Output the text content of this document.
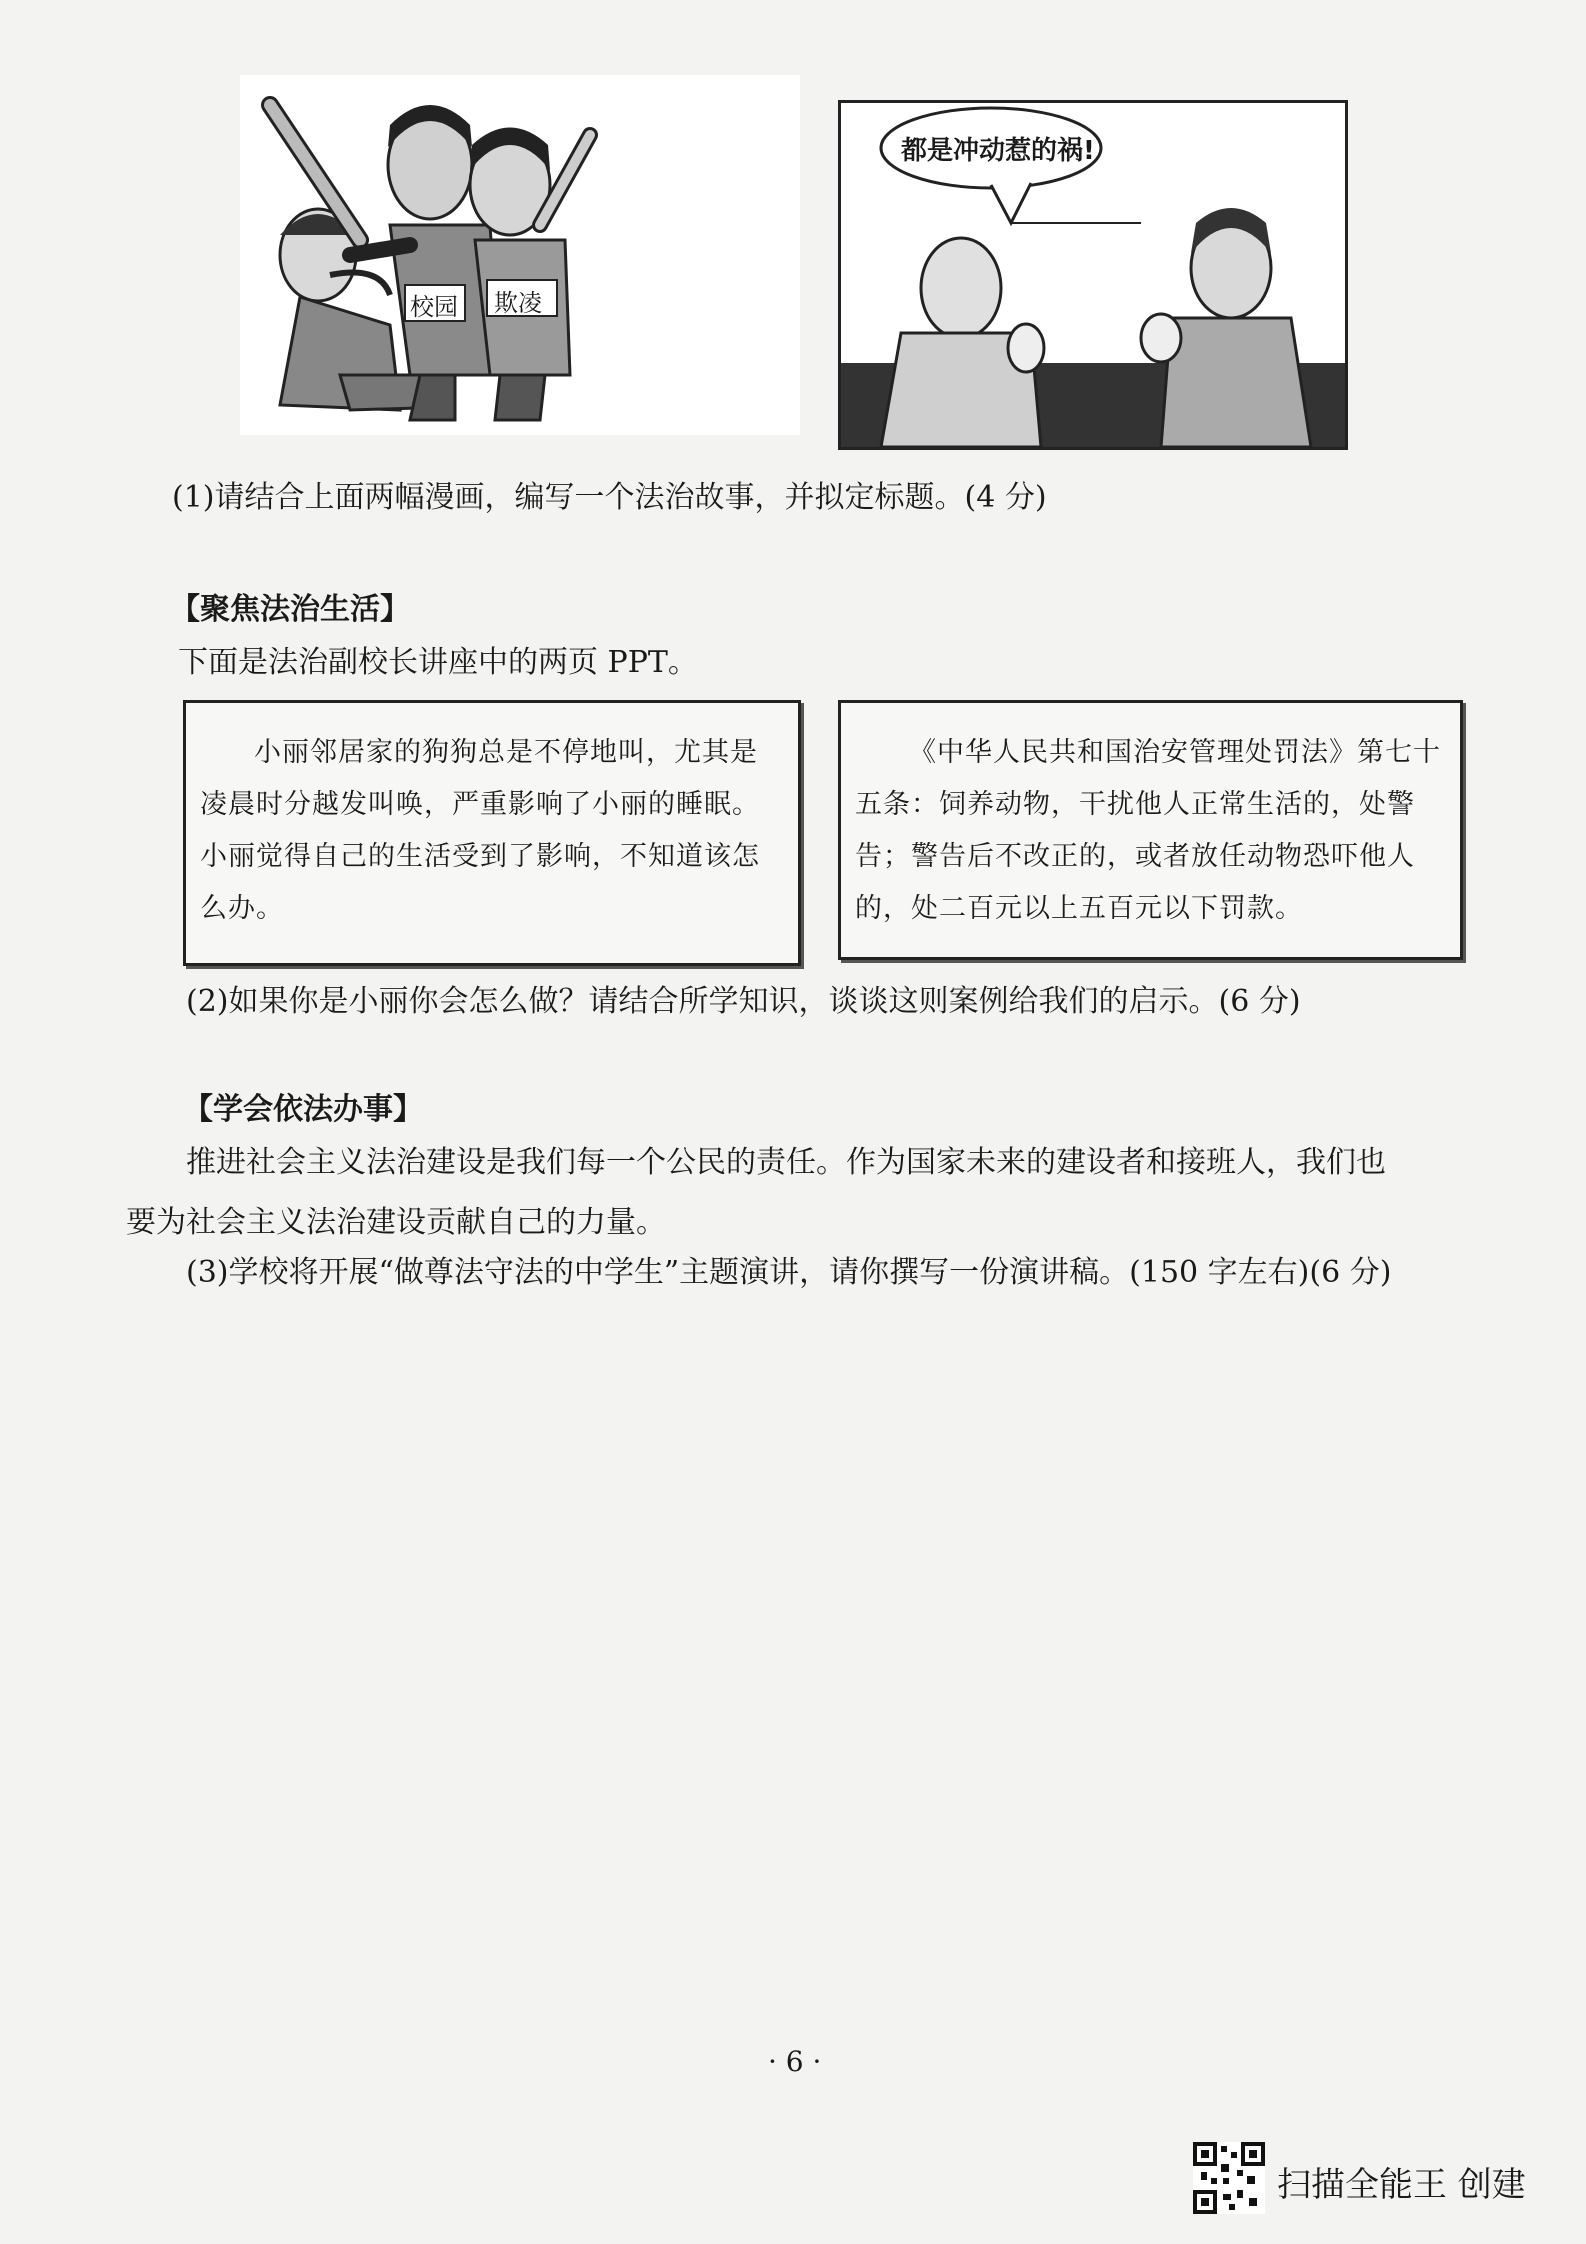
校园 欺凌
都是冲动惹的祸!
(1)请结合上面两幅漫画，编写一个法治故事，并拟定标题。(4 分)
【聚焦法治生活】
下面是法治副校长讲座中的两页 PPT。
小丽邻居家的狗狗总是不停地叫，尤其是凌晨时分越发叫唤，严重影响了小丽的睡眠。小丽觉得自己的生活受到了影响，不知道该怎么办。
《中华人民共和国治安管理处罚法》第七十五条：饲养动物，干扰他人正常生活的，处警告；警告后不改正的，或者放任动物恐吓他人的，处二百元以上五百元以下罚款。
(2)如果你是小丽你会怎么做？请结合所学知识，谈谈这则案例给我们的启示。(6 分)
【学会依法办事】
推进社会主义法治建设是我们每一个公民的责任。作为国家未来的建设者和接班人，我们也
要为社会主义法治建设贡献自己的力量。
(3)学校将开展“做尊法守法的中学生”主题演讲，请你撰写一份演讲稿。(150 字左右)(6 分)
· 6 ·
扫描全能王 创建
